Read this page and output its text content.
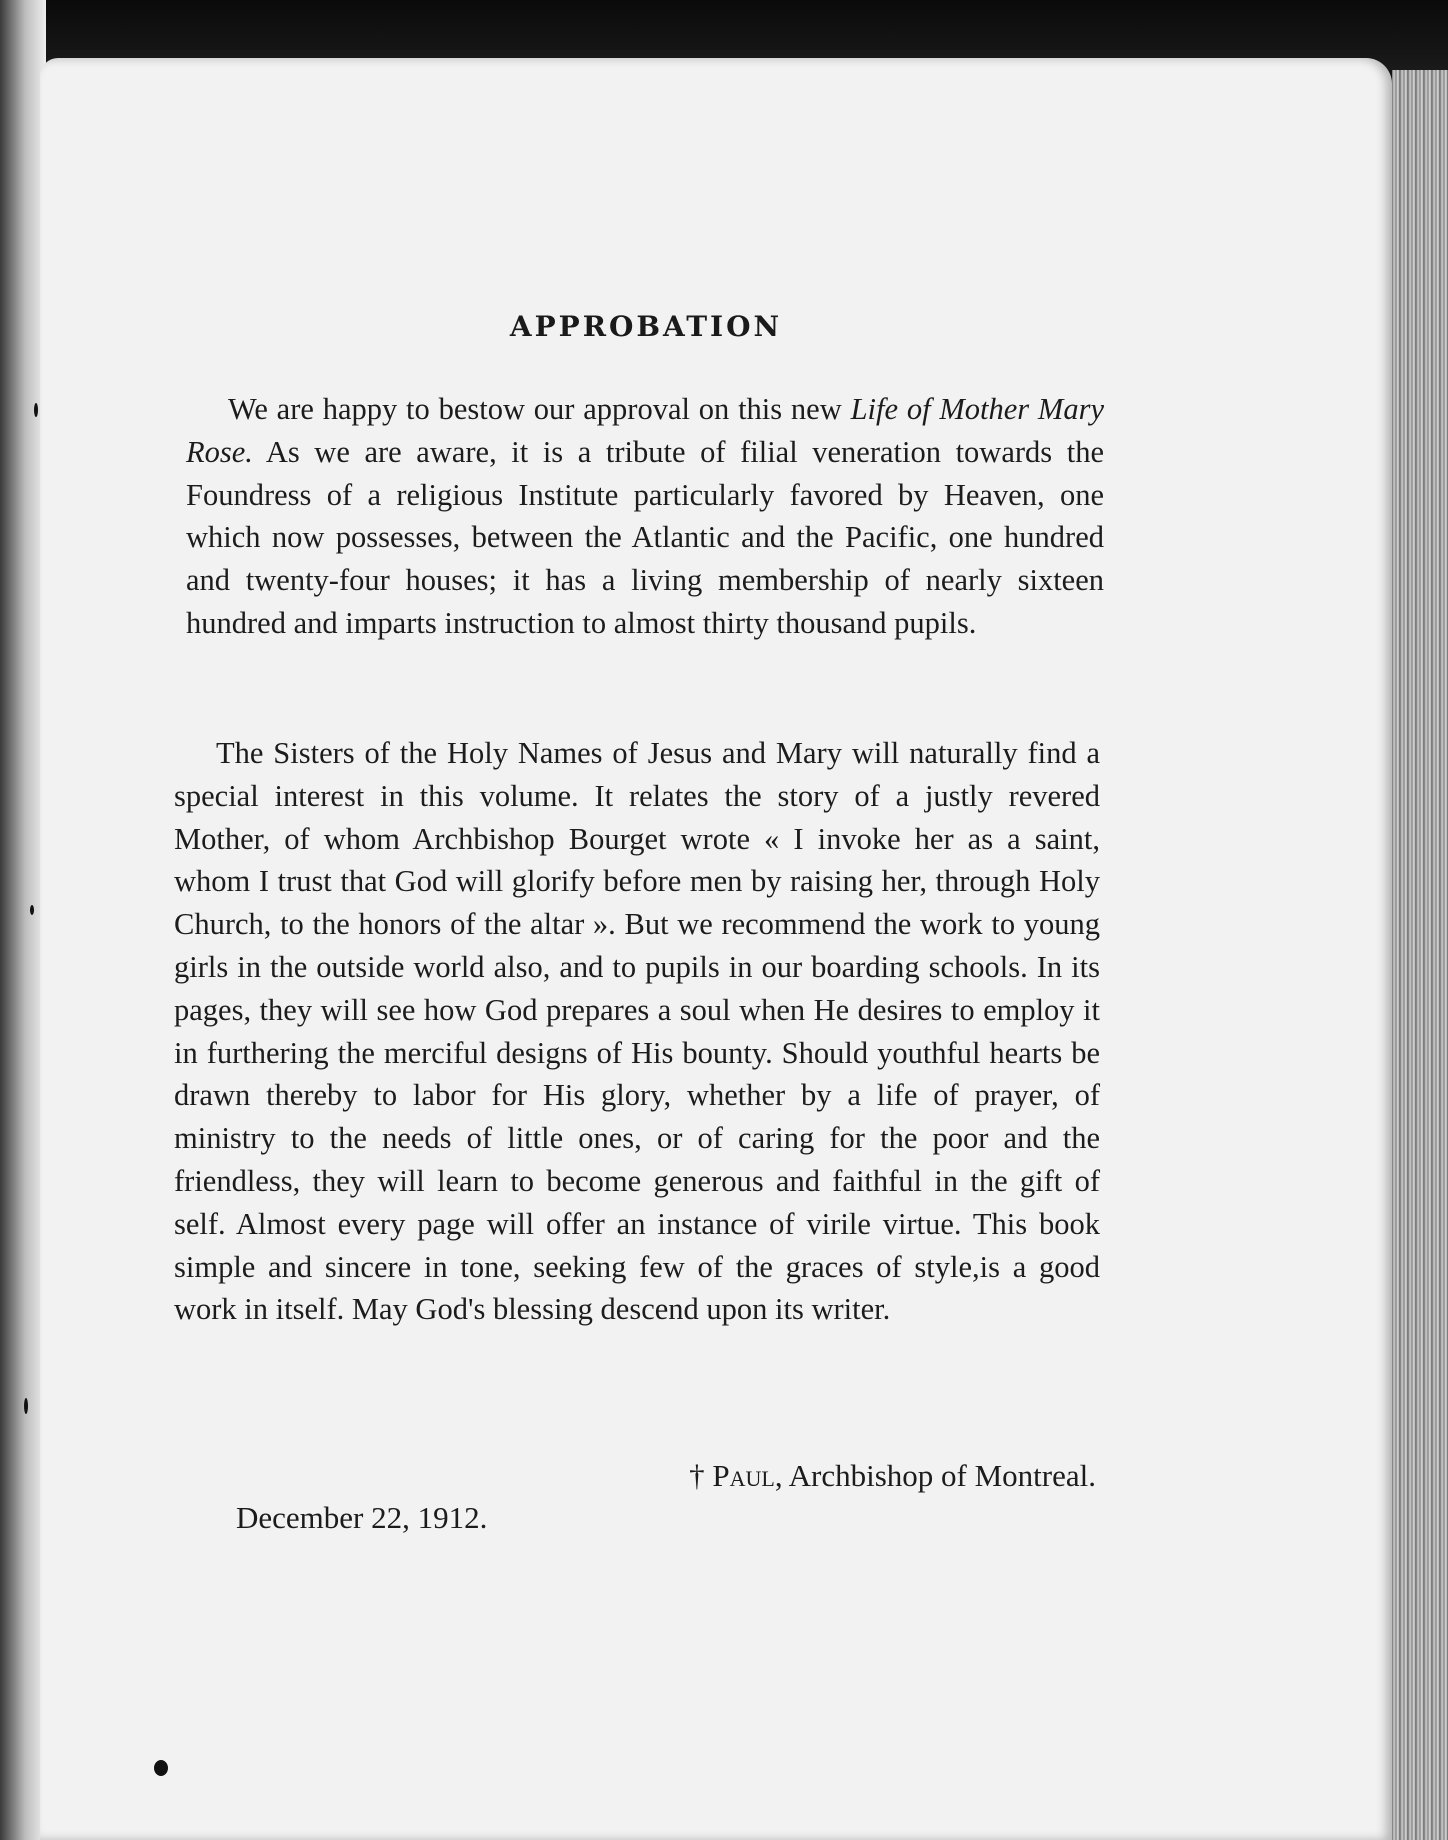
APPROBATION

We are happy to bestow our approval on this new Life of Mother Mary Rose. As we are aware, it is a tribute of filial veneration towards the Foundress of a religious Institute particularly favored by Heaven, one which now possesses, between the Atlantic and the Pacific, one hundred and twenty-four houses; it has a living membership of nearly sixteen hundred and imparts instruction to almost thirty thousand pupils.

The Sisters of the Holy Names of Jesus and Mary will naturally find a special interest in this volume. It relates the story of a justly revered Mother, of whom Archbishop Bourget wrote « I invoke her as a saint, whom I trust that God will glorify before men by raising her, through Holy Church, to the honors of the altar ». But we recommend the work to young girls in the outside world also, and to pupils in our boarding schools. In its pages, they will see how God prepares a soul when He desires to employ it in furthering the merciful designs of His bounty. Should youthful hearts be drawn thereby to labor for His glory, whether by a life of prayer, of ministry to the needs of little ones, or of caring for the poor and the friendless, they will learn to become generous and faithful in the gift of self. Almost every page will offer an instance of virile virtue. This book simple and sincere in tone, seeking few of the graces of style,is a good work in itself. May God's blessing descend upon its writer.

† Paul, Archbishop of Montreal.
December 22, 1912.
